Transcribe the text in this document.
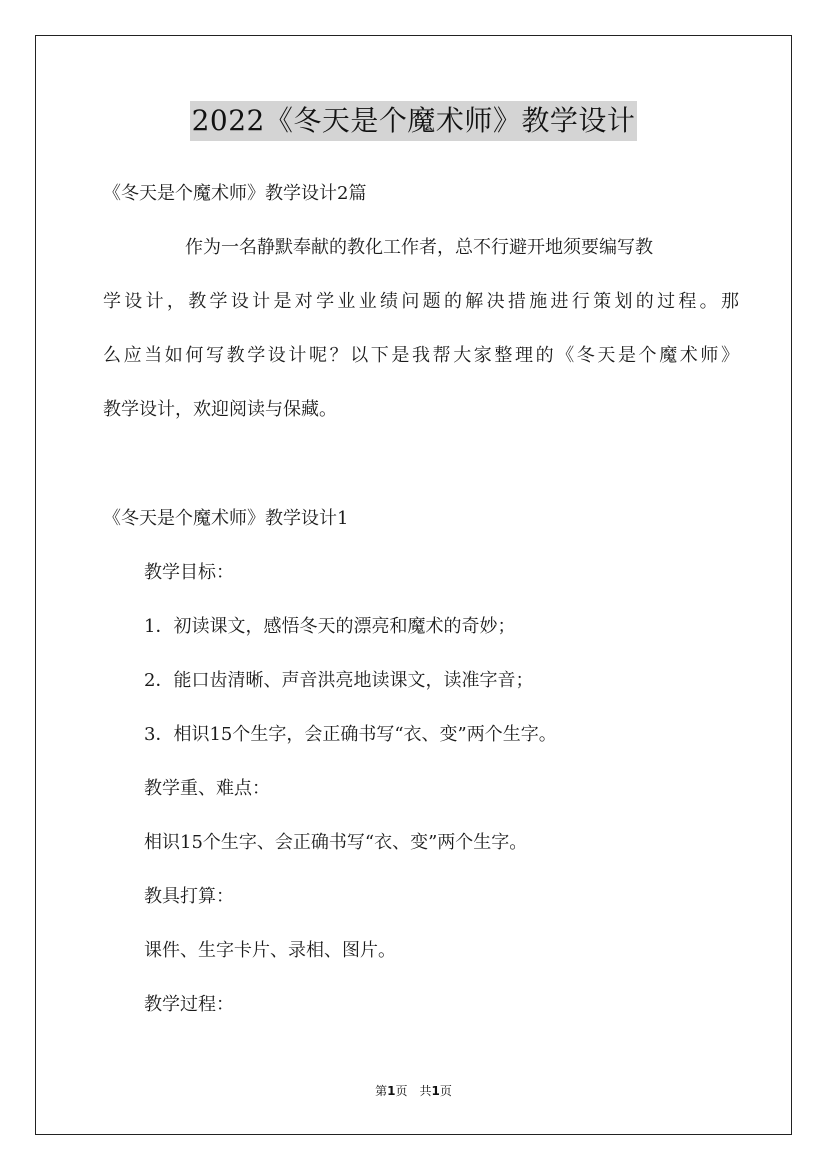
2022《冬天是个魔术师》教学设计
《冬天是个魔术师》教学设计2篇
作为一名静默奉献的教化工作者，总不行避开地须要编写教
学设计，教学设计是对学业业绩问题的解决措施进行策划的过程。那
么应当如何写教学设计呢？以下是我帮大家整理的《冬天是个魔术师》
教学设计，欢迎阅读与保藏。
《冬天是个魔术师》教学设计1
教学目标：
1．初读课文，感悟冬天的漂亮和魔术的奇妙；
2．能口齿清晰、声音洪亮地读课文，读准字音；
3．相识15个生字，会正确书写“衣、变”两个生字。
教学重、难点：
相识15个生字、会正确书写“衣、变”两个生字。
教具打算：
课件、生字卡片、录相、图片。
教学过程：
第1页　共1页
